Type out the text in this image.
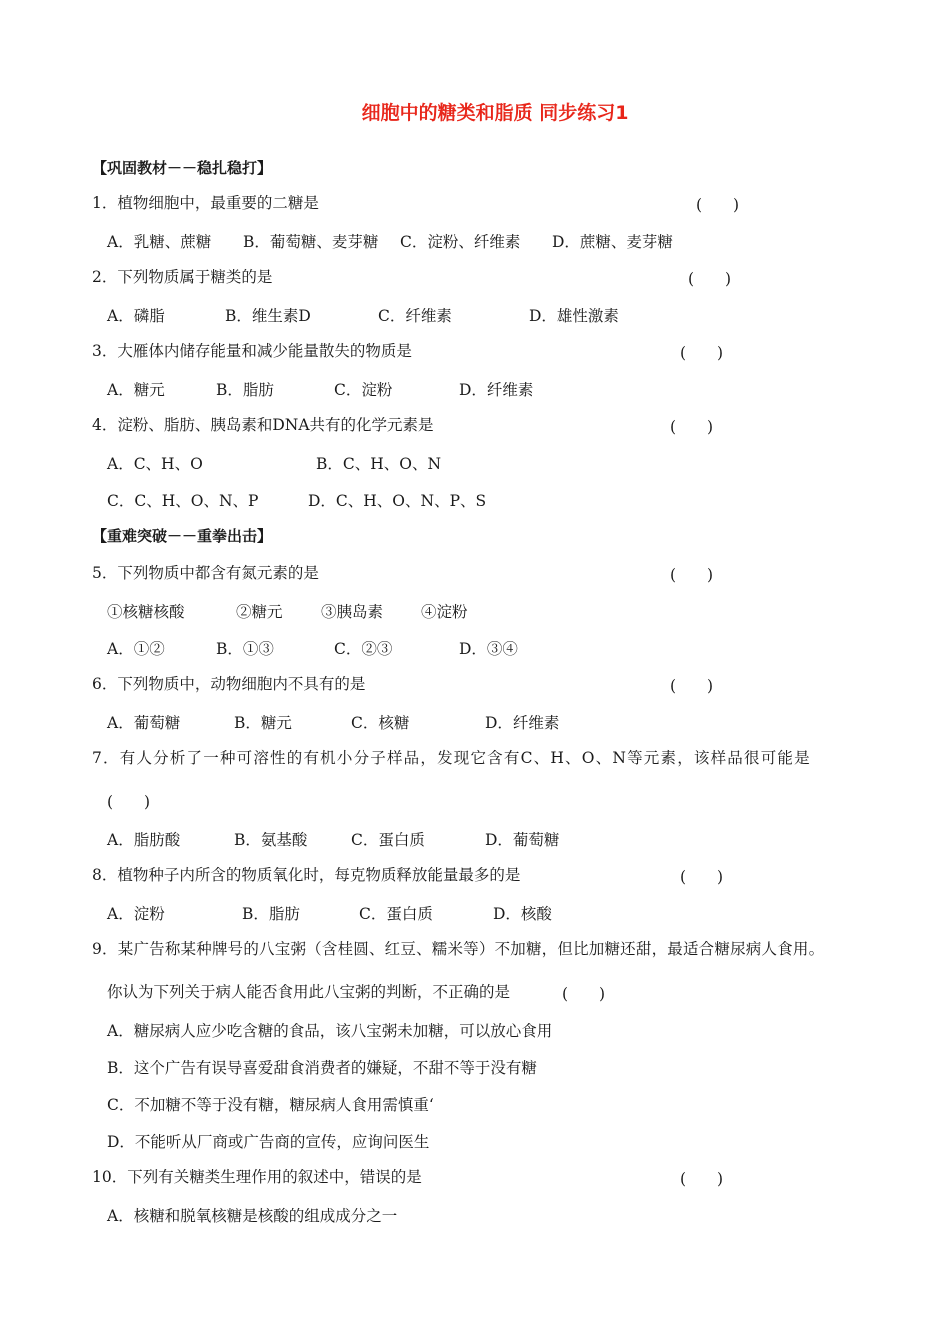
细胞中的糖类和脂质 同步练习1
【巩固教材－－稳扎稳打】
1．植物细胞中，最重要的二糖是	(　　)
A．乳糖、蔗糖 B．葡萄糖、麦芽糖 C．淀粉、纤维素 D．蔗糖、麦芽糖
2．下列物质属于糖类的是	(　　)
A．磷脂	B．维生素D	C．纤维素	D．雄性激素
3．大雁体内储存能量和减少能量散失的物质是	(　　)
A．糖元	B．脂肪	C．淀粉	D．纤维素
4．淀粉、脂肪、胰岛素和DNA共有的化学元素是	(　　)
A．C、H、O	B．C、H、O、N
C．C、H、O、N、P	D．C、H、O、N、P、S
【重难突破－－重拳出击】
5．下列物质中都含有氮元素的是	(　　)
①核糖核酸	②糖元 ③胰岛素 ④淀粉
A．①②	B．①③	C．②③	D．③④
6．下列物质中，动物细胞内不具有的是	(　　)
A．葡萄糖	B．糖元	C．核糖	D．纤维素
7．有人分析了一种可溶性的有机小分子样品，发现它含有C、H、O、N等元素，该样品很可能是
(　　)
A．脂肪酸	B．氨基酸	C．蛋白质	D．葡萄糖
8．植物种子内所含的物质氧化时，每克物质释放能量最多的是	(　　)
A．淀粉	B．脂肪	C．蛋白质	D．核酸
9．某广告称某种牌号的八宝粥（含桂圆、红豆、糯米等）不加糖，但比加糖还甜，最适合糖尿病人食用。
你认为下列关于病人能否食用此八宝粥的判断，不正确的是	(　　)
A．糖尿病人应少吃含糖的食品，该八宝粥未加糖，可以放心食用
B．这个广告有误导喜爱甜食消费者的嫌疑，不甜不等于没有糖
C．不加糖不等于没有糖，糖尿病人食用需慎重‘
D．不能听从厂商或广告商的宣传，应询问医生
10．下列有关糖类生理作用的叙述中，错误的是	(　　)
A．核糖和脱氧核糖是核酸的组成成分之一
